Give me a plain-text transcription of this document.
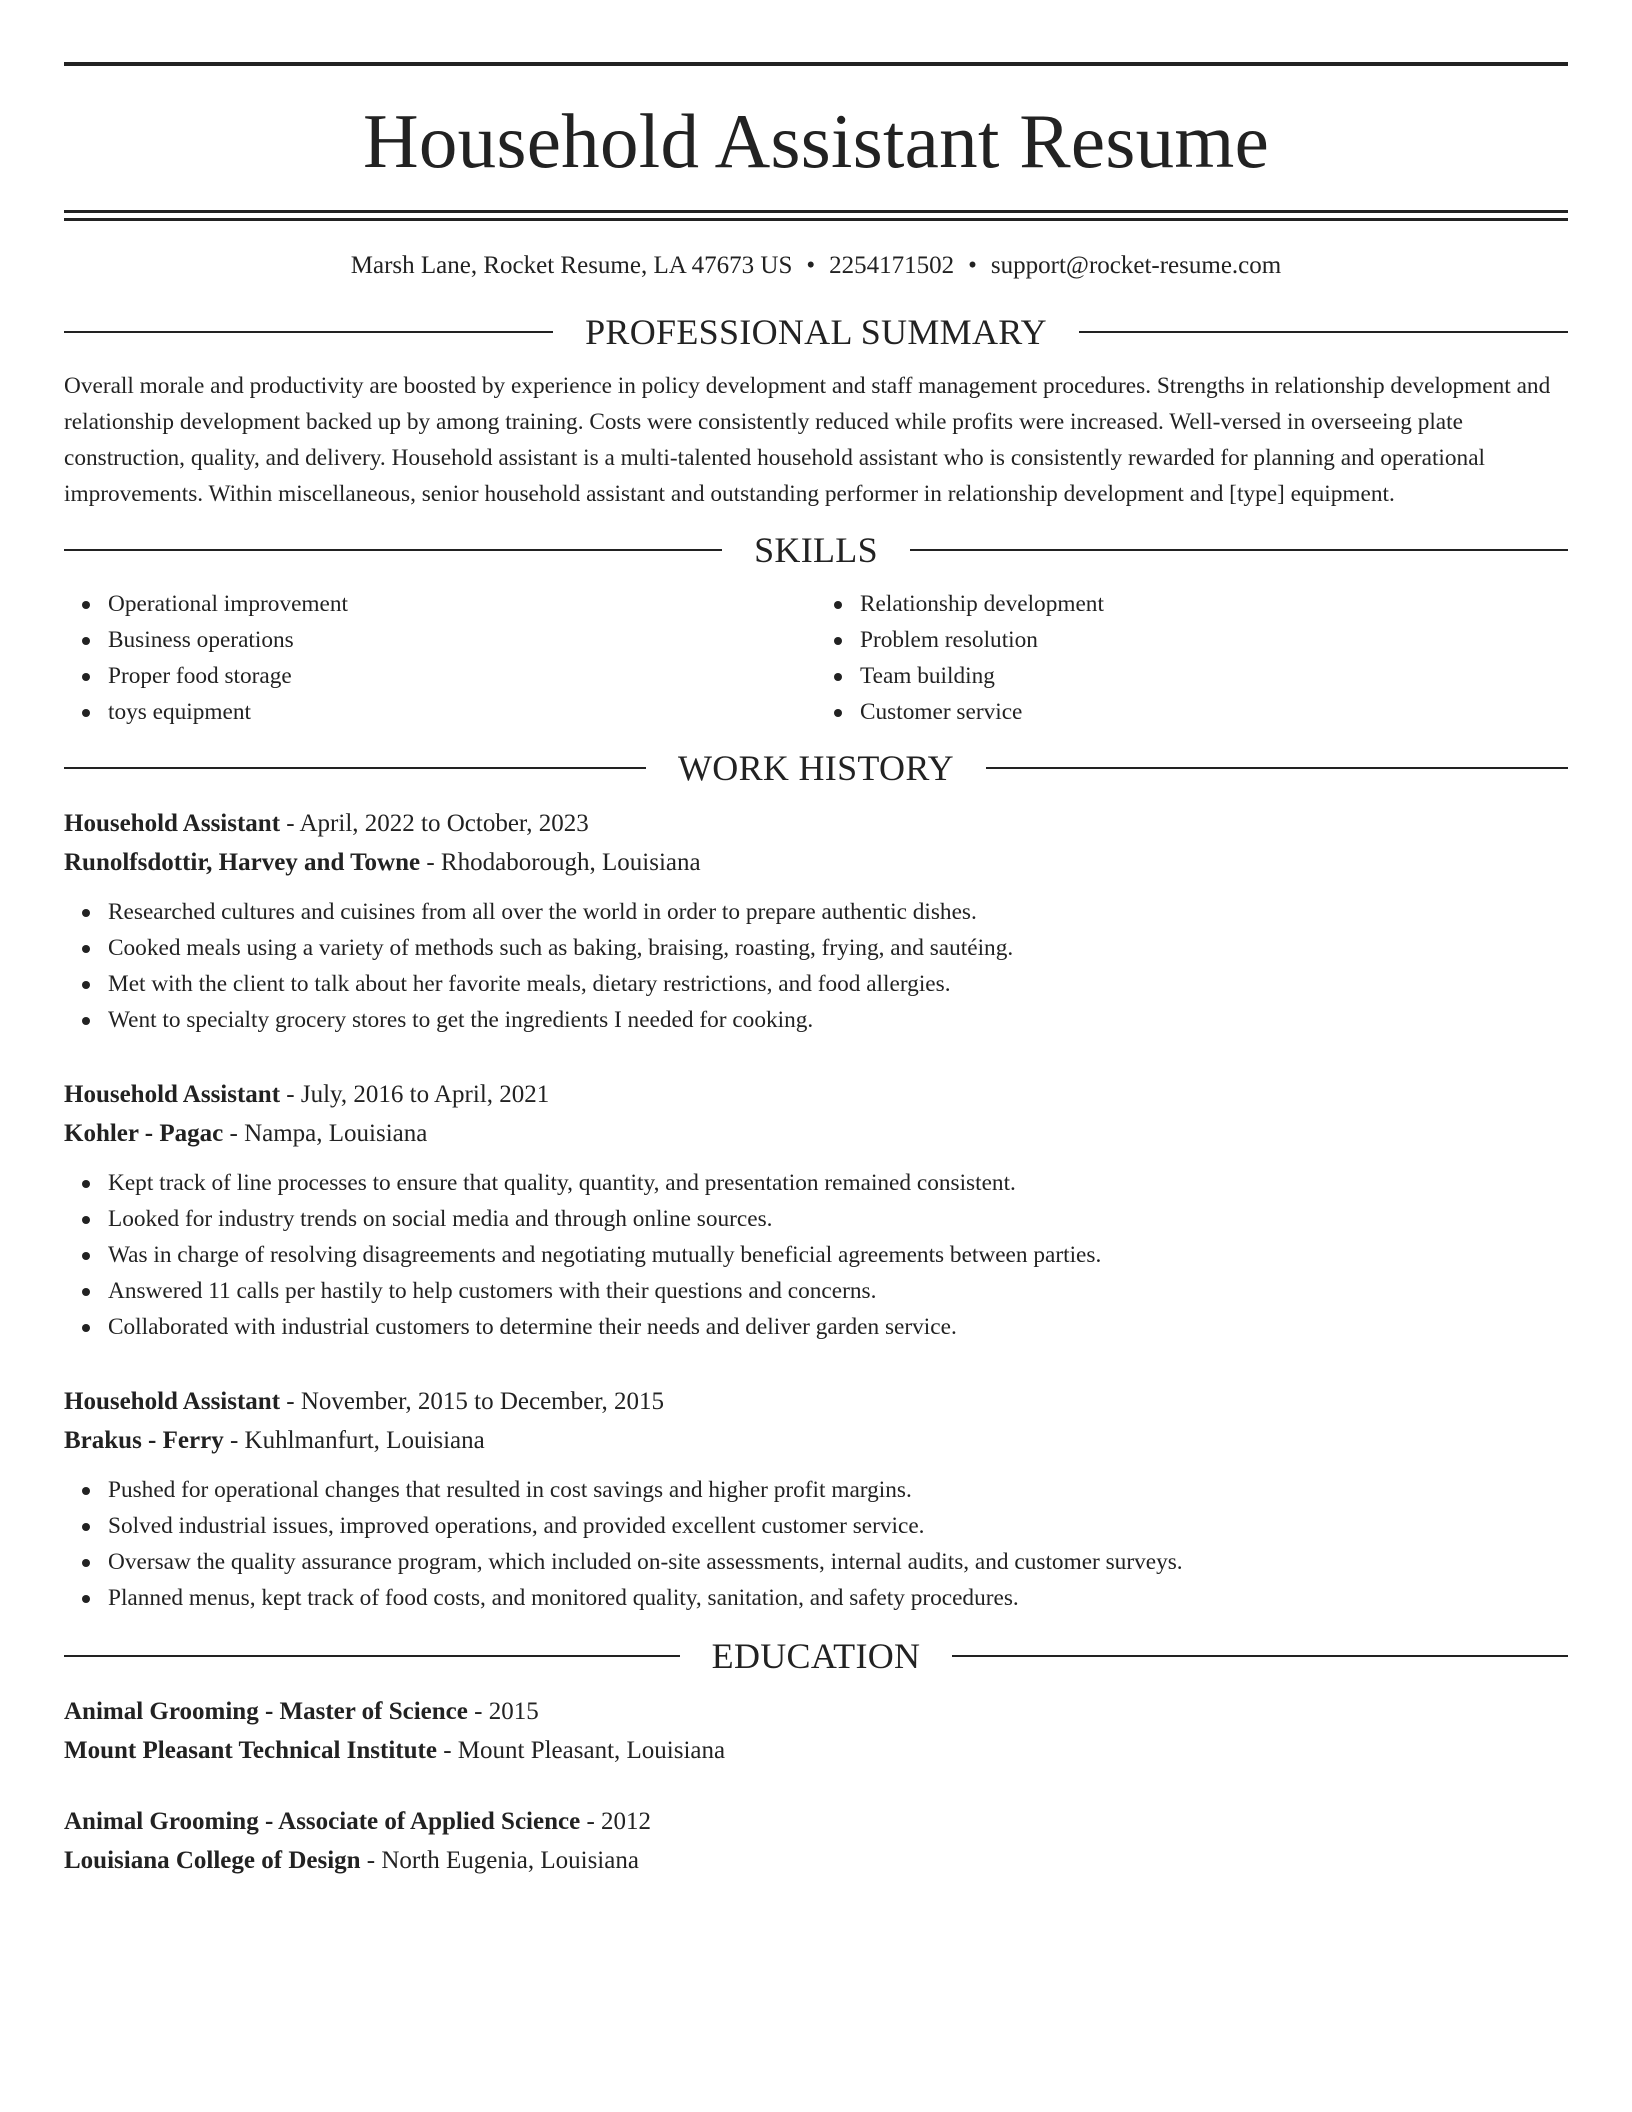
Household Assistant Resume
Marsh Lane, Rocket Resume, LA 47673 US • 2254171502 • support@rocket-resume.com
PROFESSIONAL SUMMARY

Overall morale and productivity are boosted by experience in policy development and staff management procedures. Strengths in relationship development and relationship development backed up by among training. Costs were consistently reduced while profits were increased. Well-versed in overseeing plate construction, quality, and delivery. Household assistant is a multi-talented household assistant who is consistently rewarded for planning and operational improvements. Within miscellaneous, senior household assistant and outstanding performer in relationship development and [type] equipment.

SKILLS
Operational improvement
Business operations
Proper food storage
toys equipment
Relationship development
Problem resolution
Team building
Customer service
WORK HISTORY
Household Assistant - April, 2022 to October, 2023
Runolfsdottir, Harvey and Towne - Rhodaborough, Louisiana
Researched cultures and cuisines from all over the world in order to prepare authentic dishes.
Cooked meals using a variety of methods such as baking, braising, roasting, frying, and sautéing.
Met with the client to talk about her favorite meals, dietary restrictions, and food allergies.
Went to specialty grocery stores to get the ingredients I needed for cooking.
Household Assistant - July, 2016 to April, 2021
Kohler - Pagac - Nampa, Louisiana
Kept track of line processes to ensure that quality, quantity, and presentation remained consistent.
Looked for industry trends on social media and through online sources.
Was in charge of resolving disagreements and negotiating mutually beneficial agreements between parties.
Answered 11 calls per hastily to help customers with their questions and concerns.
Collaborated with industrial customers to determine their needs and deliver garden service.
Household Assistant - November, 2015 to December, 2015
Brakus - Ferry - Kuhlmanfurt, Louisiana
Pushed for operational changes that resulted in cost savings and higher profit margins.
Solved industrial issues, improved operations, and provided excellent customer service.
Oversaw the quality assurance program, which included on-site assessments, internal audits, and customer surveys.
Planned menus, kept track of food costs, and monitored quality, sanitation, and safety procedures.
EDUCATION
Animal Grooming - Master of Science - 2015
Mount Pleasant Technical Institute - Mount Pleasant, Louisiana
Animal Grooming - Associate of Applied Science - 2012
Louisiana College of Design - North Eugenia, Louisiana
